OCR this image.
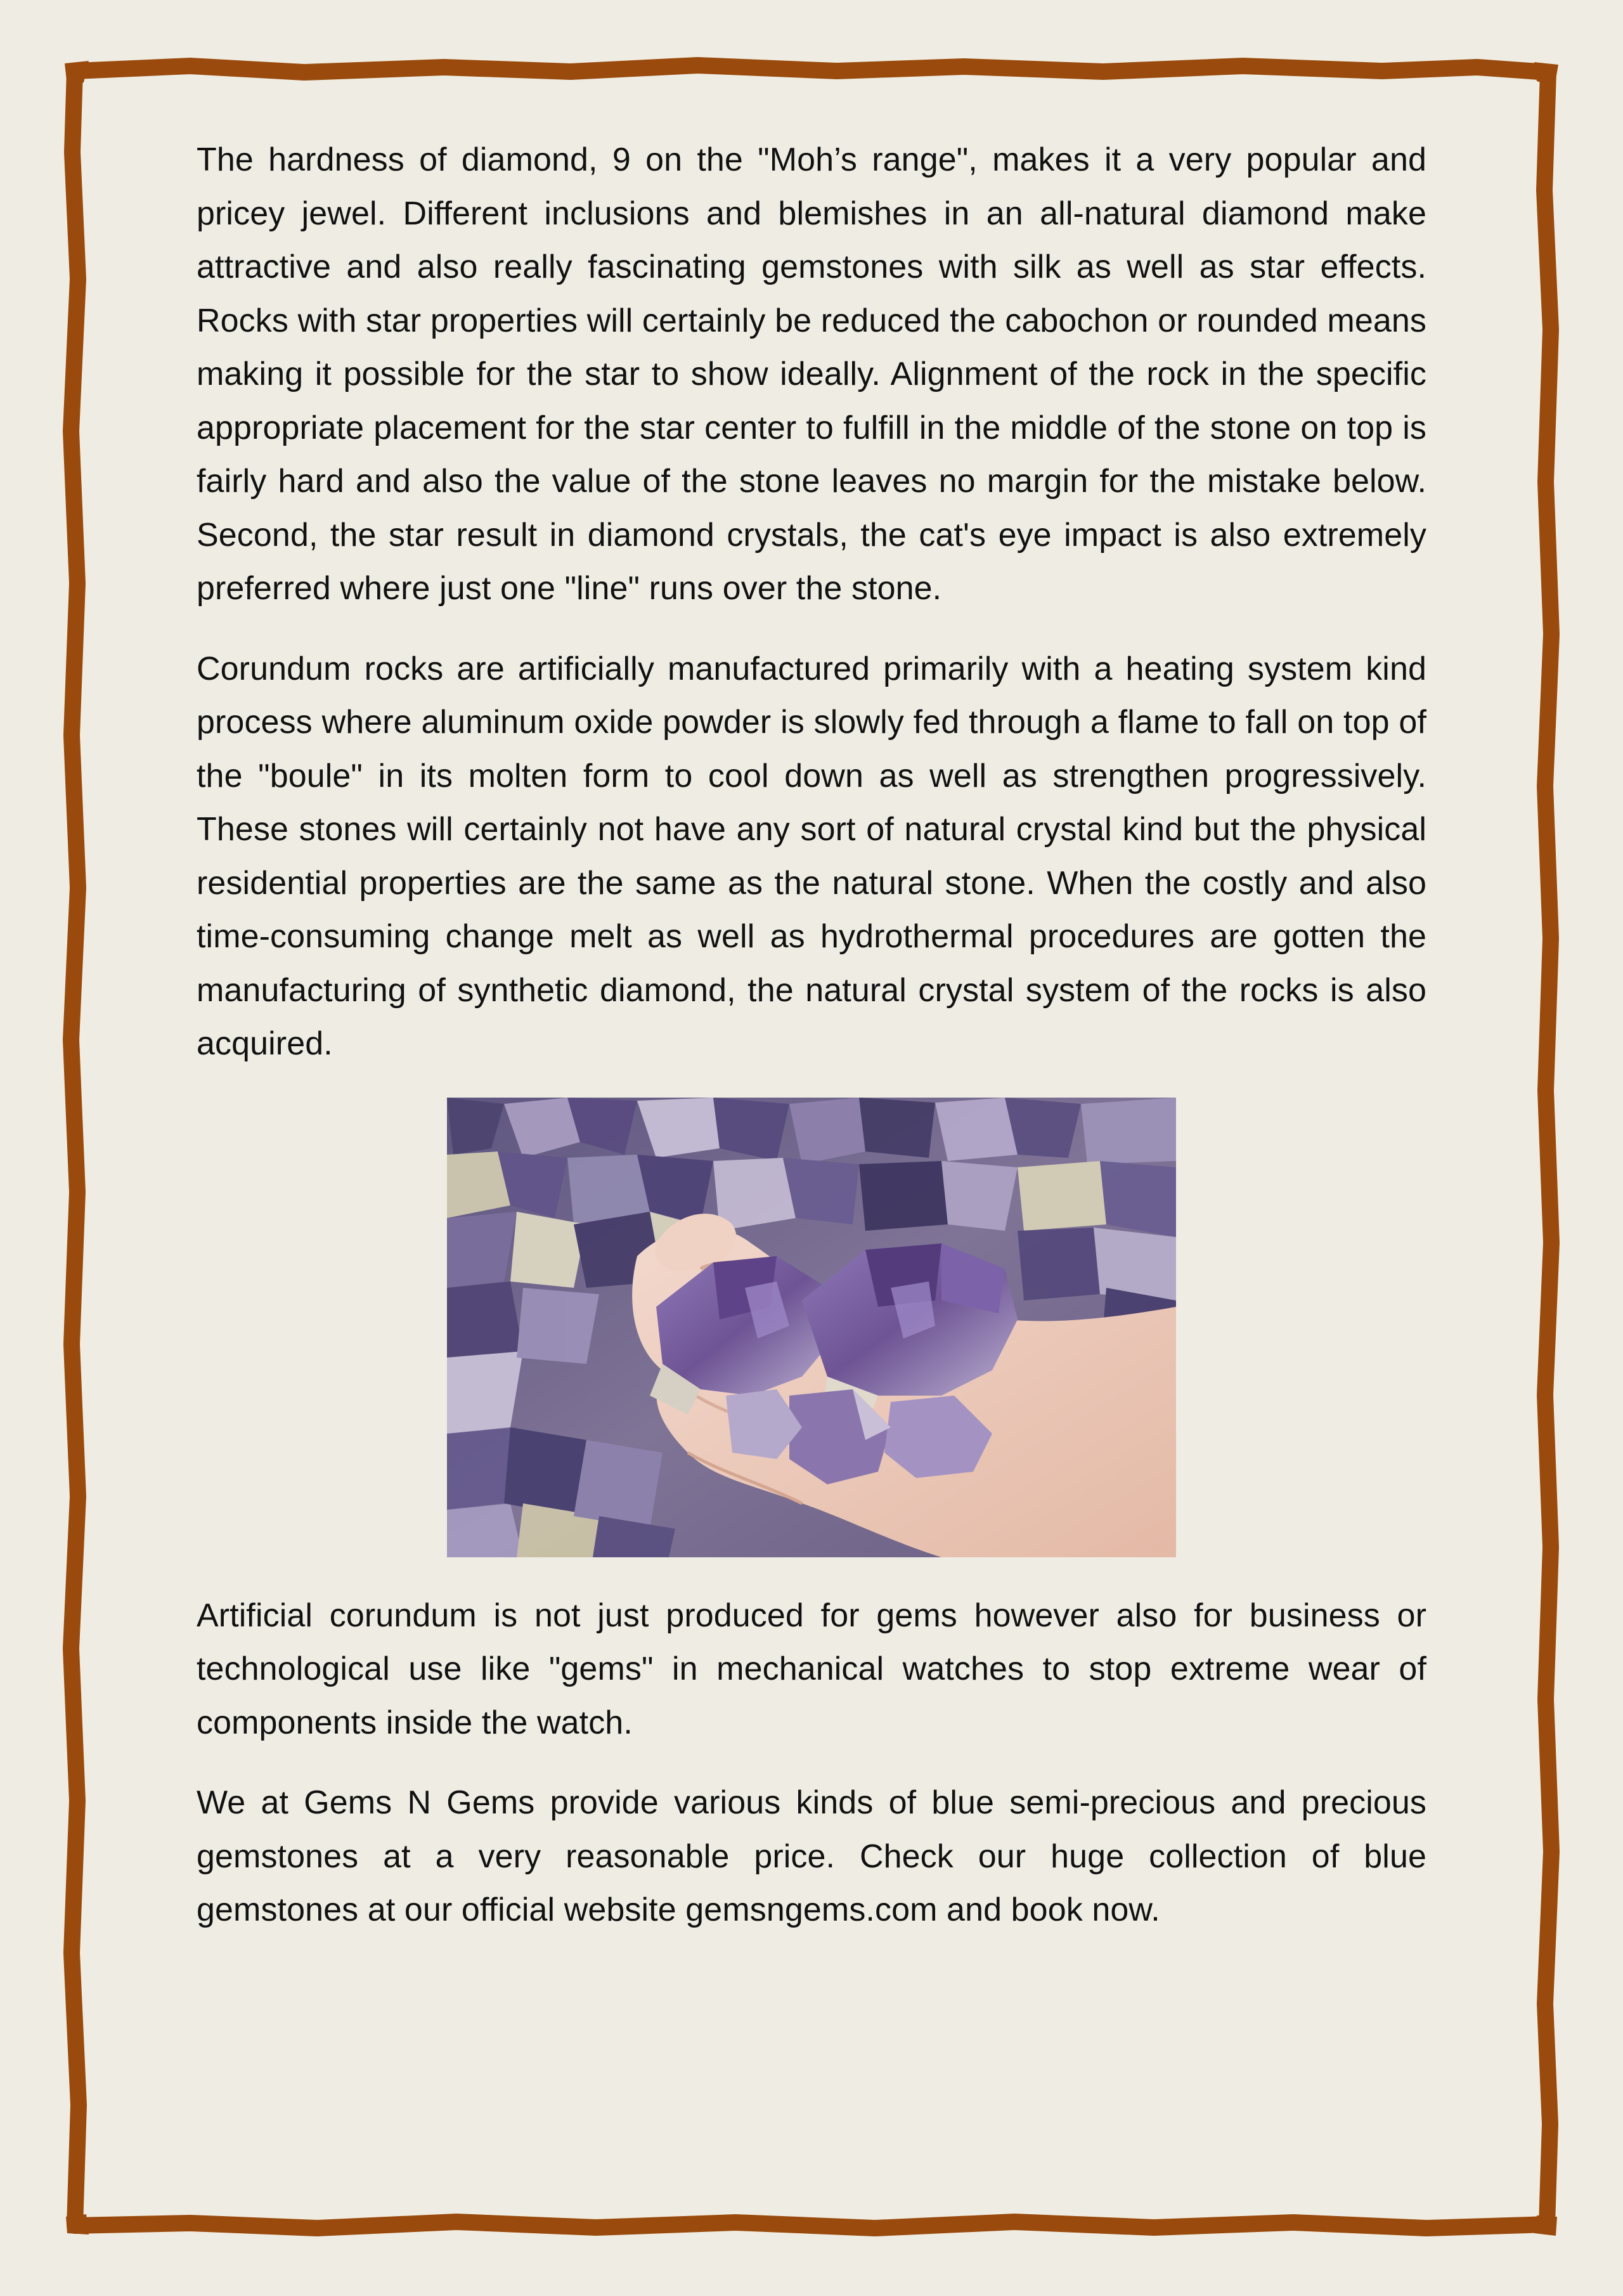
The hardness of diamond, 9 on the "Moh’s range", makes it a very popular and pricey jewel. Different inclusions and blemishes in an all-natural diamond make attractive and also really fascinating gemstones with silk as well as star effects. Rocks with star properties will certainly be reduced the cabochon or rounded means making it possible for the star to show ideally. Alignment of the rock in the specific appropriate placement for the star center to fulfill in the middle of the stone on top is fairly hard and also the value of the stone leaves no margin for the mistake below. Second, the star result in diamond crystals, the cat's eye impact is also extremely preferred where just one "line" runs over the stone.

Corundum rocks are artificially manufactured primarily with a heating system kind process where aluminum oxide powder is slowly fed through a flame to fall on top of the "boule" in its molten form to cool down as well as strengthen progressively. These stones will certainly not have any sort of natural crystal kind but the physical residential properties are the same as the natural stone. When the costly and also time-consuming change melt as well as hydrothermal procedures are gotten the manufacturing of synthetic diamond, the natural crystal system of the rocks is also acquired.

Artificial corundum is not just produced for gems however also for business or technological use like "gems" in mechanical watches to stop extreme wear of components inside the watch.

We at Gems N Gems provide various kinds of blue semi-precious and precious gemstones at a very reasonable price. Check our huge collection of blue gemstones at our official website gemsngems.com and book now.
